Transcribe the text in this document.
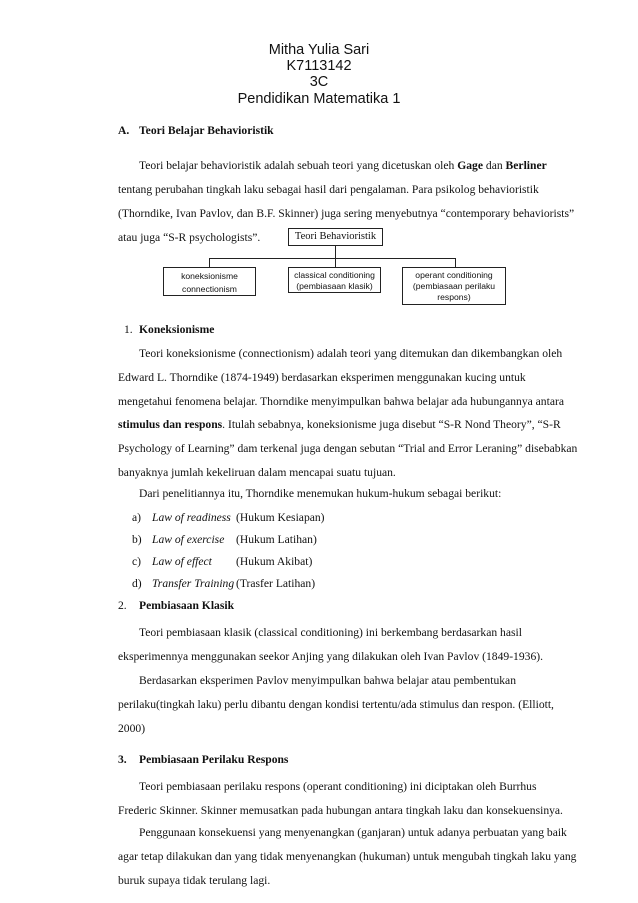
Mitha Yulia Sari
K7113142
3C
Pendidikan Matematika 1
A. Teori Belajar Behavioristik
Teori belajar behavioristik adalah sebuah teori yang dicetuskan oleh Gage dan Berliner
tentang perubahan tingkah laku sebagai hasil dari pengalaman. Para psikolog behavioristik
(Thorndike, Ivan Pavlov, dan B.F. Skinner) juga sering menyebutnya “contemporary behaviorists”
atau juga “S-R psychologists”.	Teori Behavioristik
koneksionisme
connectionism
classical conditioning
(pembiasaan klasik)
operant conditioning
(pembiasaan perilaku
respons)
1. Koneksionisme
Teori koneksionisme (connectionism) adalah teori yang ditemukan dan dikembangkan oleh
Edward L. Thorndike (1874-1949) berdasarkan eksperimen menggunakan kucing untuk
mengetahui fenomena belajar. Thorndike menyimpulkan bahwa belajar ada hubungannya antara
stimulus dan respons. Itulah sebabnya, koneksionisme juga disebut “S-R Nond Theory”, “S-R
Psychology of Learning” dam terkenal juga dengan sebutan “Trial and Error Leraning” disebabkan
banyaknya jumlah kekeliruan dalam mencapai suatu tujuan.
Dari penelitiannya itu, Thorndike menemukan hukum-hukum sebagai berikut:
a) Law of readiness (Hukum Kesiapan)
b) Law of exercise (Hukum Latihan)
c) Law of effect (Hukum Akibat)
d) Transfer Training (Trasfer Latihan)
2. Pembiasaan Klasik
Teori pembiasaan klasik (classical conditioning) ini berkembang berdasarkan hasil
eksperimennya menggunakan seekor Anjing yang dilakukan oleh Ivan Pavlov (1849-1936).
Berdasarkan eksperimen Pavlov menyimpulkan bahwa belajar atau pembentukan
perilaku(tingkah laku) perlu dibantu dengan kondisi tertentu/ada stimulus dan respon. (Elliott,
2000)
3. Pembiasaan Perilaku Respons
Teori pembiasaan perilaku respons (operant conditioning) ini diciptakan oleh Burrhus
Frederic Skinner. Skinner memusatkan pada hubungan antara tingkah laku dan konsekuensinya.
Penggunaan konsekuensi yang menyenangkan (ganjaran) untuk adanya perbuatan yang baik
agar tetap dilakukan dan yang tidak menyenangkan (hukuman) untuk mengubah tingkah laku yang
buruk supaya tidak terulang lagi.
